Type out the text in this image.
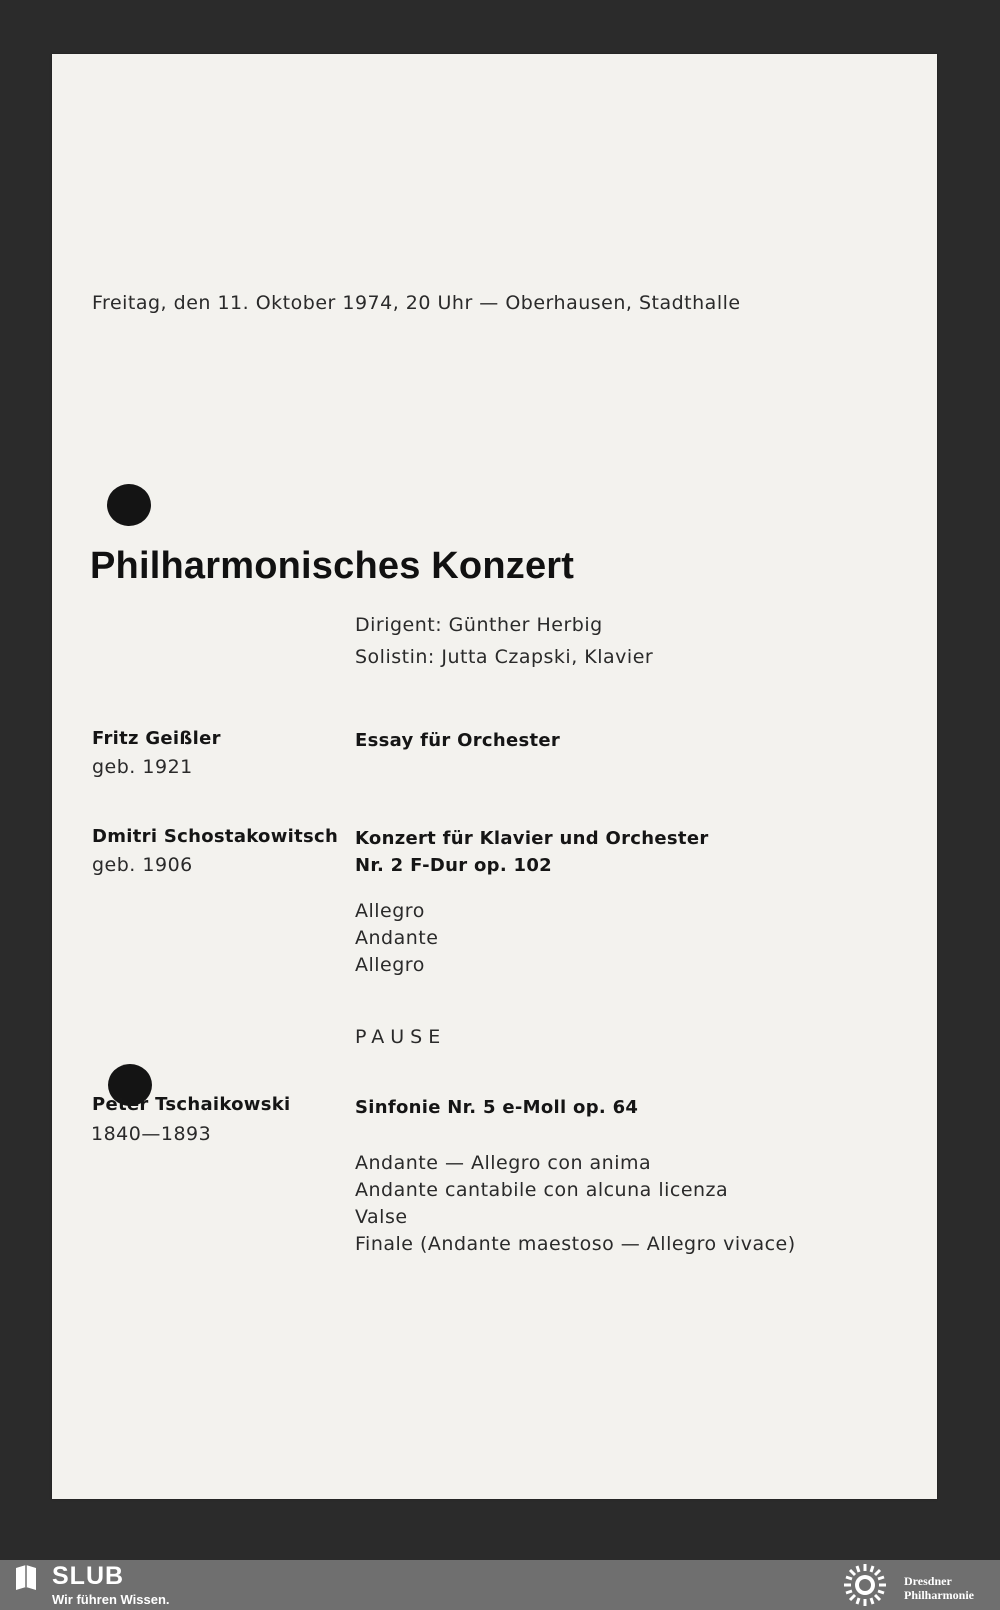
Freitag, den 11. Oktober 1974, 20 Uhr — Oberhausen, Stadthalle
Philharmonisches Konzert
Dirigent: Günther Herbig
Solistin: Jutta Czapski, Klavier
Fritz Geißler
geb. 1921
Essay für Orchester
Dmitri Schostakowitsch
geb. 1906
Konzert für Klavier und Orchester
Nr. 2 F-Dur op. 102
Allegro
Andante
Allegro
PAUSE
Peter Tschaikowski
1840—1893
Sinfonie Nr. 5 e-Moll op. 64
Andante — Allegro con anima
Andante cantabile con alcuna licenza
Valse
Finale (Andante maestoso — Allegro vivace)
SLUB
Wir führen Wissen.
Dresdner
Philharmonie
